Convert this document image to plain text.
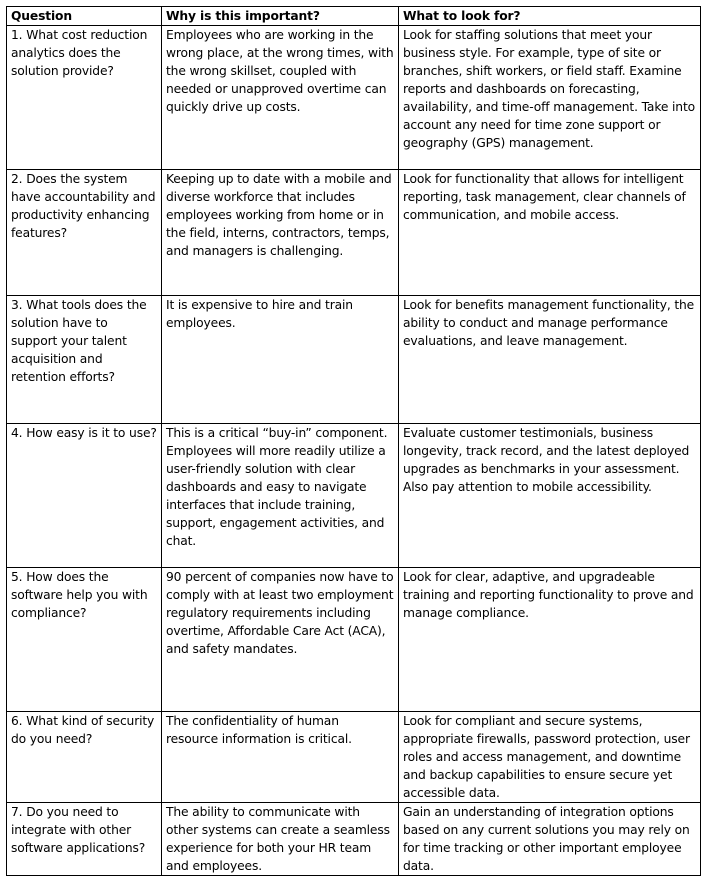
Question	Why is this important?	What to look for?
1. What cost reduction analytics does the solution provide?	Employees who are working in the wrong place, at the wrong times, with the wrong skillset, coupled with needed or unapproved overtime can quickly drive up costs.	Look for staffing solutions that meet your business style. For example, type of site or branches, shift workers, or field staff. Examine reports and dashboards on forecasting, availability, and time-off management. Take into account any need for time zone support or geography (GPS) management.
2. Does the system have accountability and productivity enhancing features?	Keeping up to date with a mobile and diverse workforce that includes employees working from home or in the field, interns, contractors, temps, and managers is challenging.	Look for functionality that allows for intelligent reporting, task management, clear channels of communication, and mobile access.
3. What tools does the solution have to support your talent acquisition and retention efforts?	It is expensive to hire and train employees.	Look for benefits management functionality, the ability to conduct and manage performance evaluations, and leave management.
4. How easy is it to use?	This is a critical “buy-in” component. Employees will more readily utilize a user-friendly solution with clear dashboards and easy to navigate interfaces that include training, support, engagement activities, and chat.	Evaluate customer testimonials, business longevity, track record, and the latest deployed upgrades as benchmarks in your assessment. Also pay attention to mobile accessibility.
5. How does the software help you with compliance?	90 percent of companies now have to comply with at least two employment regulatory requirements including overtime, Affordable Care Act (ACA), and safety mandates.	Look for clear, adaptive, and upgradeable training and reporting functionality to prove and manage compliance.
6. What kind of security do you need?	The confidentiality of human resource information is critical.	Look for compliant and secure systems, appropriate firewalls, password protection, user roles and access management, and downtime and backup capabilities to ensure secure yet accessible data.
7. Do you need to integrate with other software applications?	The ability to communicate with other systems can create a seamless experience for both your HR team and employees.	Gain an understanding of integration options based on any current solutions you may rely on for time tracking or other important employee data.
